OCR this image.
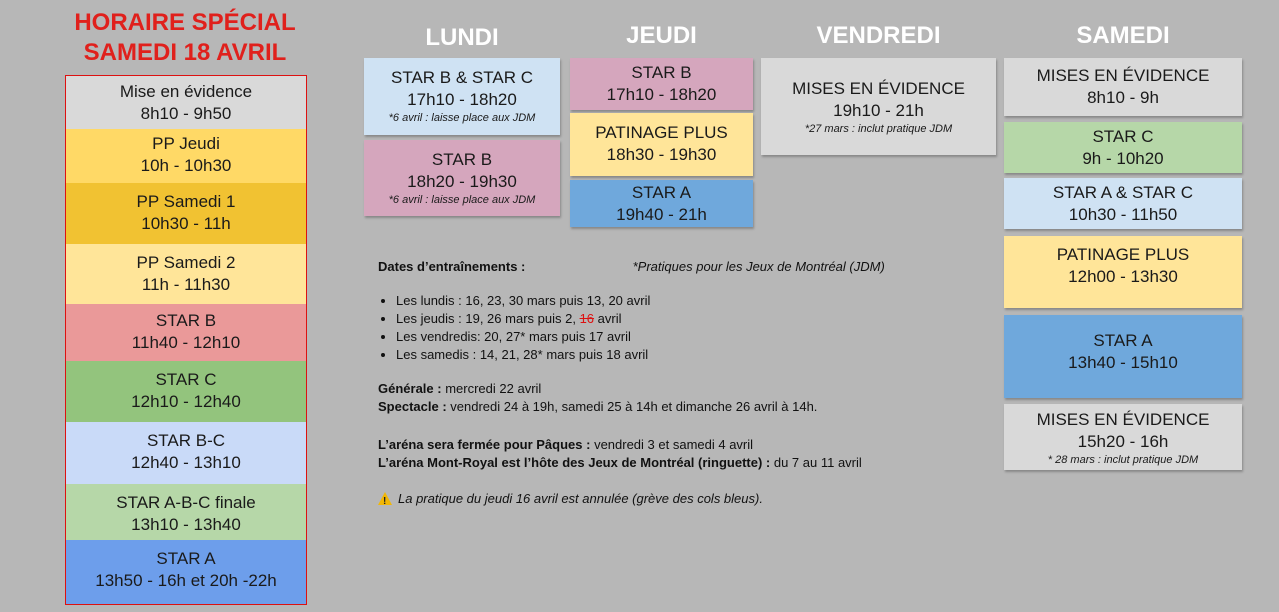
HORAIRE SPÉCIAL
SAMEDI 18 AVRIL
Mise en évidence
8h10 - 9h50
PP Jeudi
10h - 10h30
PP Samedi 1
10h30 - 11h
PP Samedi 2
11h - 11h30
STAR B
11h40 - 12h10
STAR C
12h10 - 12h40
STAR B-C
12h40 - 13h10
STAR A-B-C finale
13h10 - 13h40
STAR A
13h50 - 16h et 20h -22h
LUNDI	JEUDI	VENDREDI	SAMEDI
STAR B & STAR C
17h10 - 18h20
*6 avril : laisse place aux JDM
STAR B
18h20 - 19h30
*6 avril : laisse place aux JDM
STAR B
17h10 - 18h20
PATINAGE PLUS
18h30 - 19h30
STAR A
19h40 - 21h
MISES EN ÉVIDENCE
19h10 - 21h
*27 mars : inclut pratique JDM
MISES EN ÉVIDENCE
8h10 - 9h
STAR C
9h - 10h20
STAR A & STAR C
10h30 - 11h50
PATINAGE PLUS
12h00 - 13h30
STAR A
13h40 - 15h10
MISES EN ÉVIDENCE
15h20 - 16h
* 28 mars : inclut pratique JDM

Dates d’entraînements :	*Pratiques pour les Jeux de Montréal (JDM)

• Les lundis : 16, 23, 30 mars puis 13, 20 avril
• Les jeudis : 19, 26 mars puis 2, 16 avril
• Les vendredis: 20, 27* mars puis 17 avril
• Les samedis : 14, 21, 28* mars puis 18 avril

Générale : mercredi 22 avril

Spectacle : vendredi 24 à 19h, samedi 25 à 14h et dimanche 26 avril à 14h.

L’aréna sera fermée pour Pâques : vendredi 3 et samedi 4 avril

L’aréna Mont-Royal est l’hôte des Jeux de Montréal (ringuette) : du 7 au 11 avril

!La pratique du jeudi 16 avril est annulée (grève des cols bleus).
